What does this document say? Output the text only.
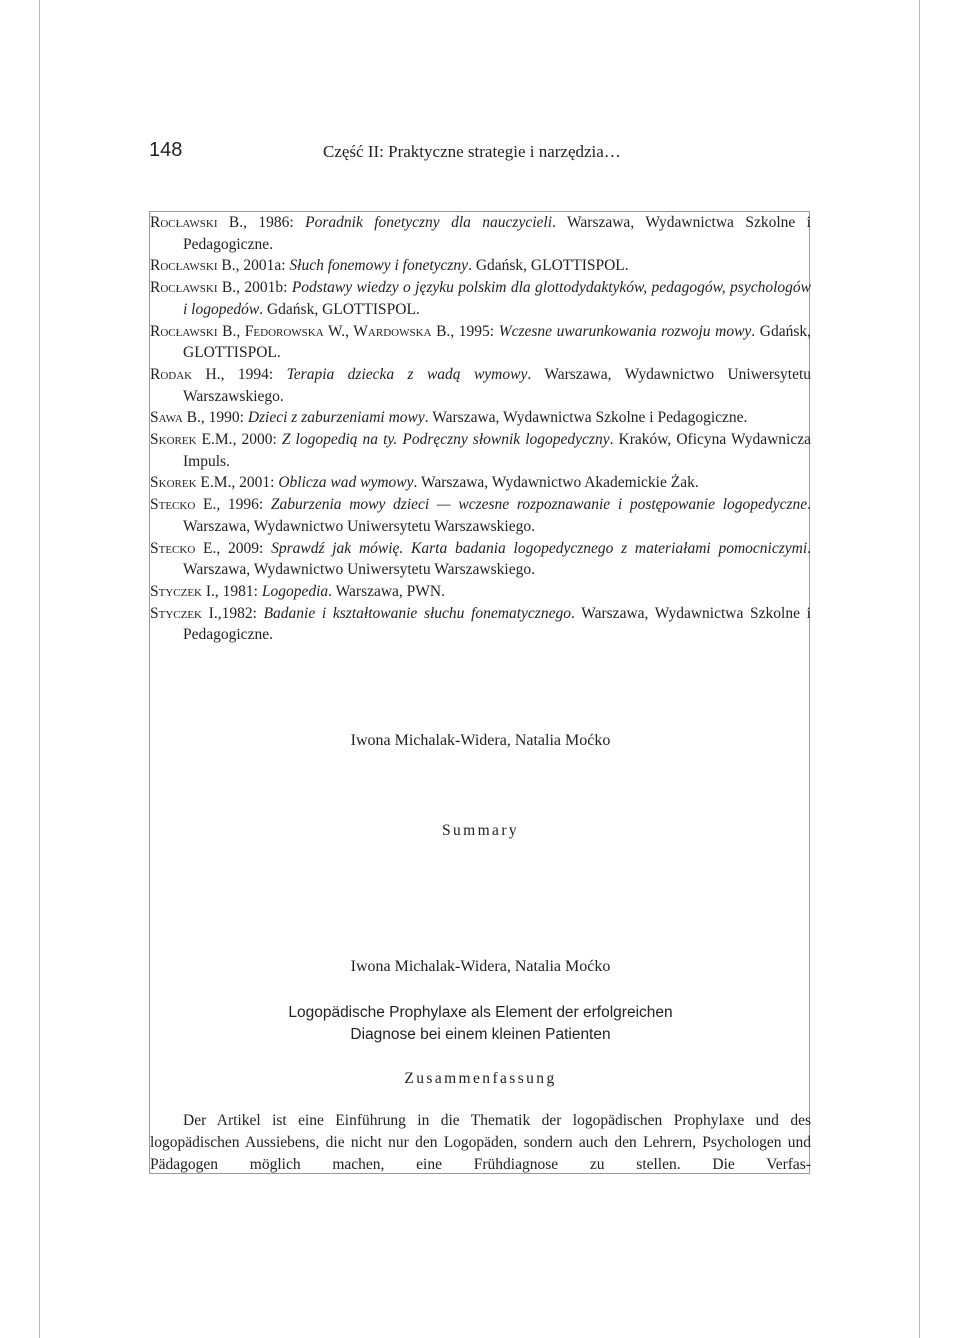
148	Część II: Praktyczne strategie i narzędzia…

Rocławski B., 1986: Poradnik fonetyczny dla nauczycieli. Warszawa, Wydawnictwa Szkolne i Pedagogiczne.

Rocławski B., 2001a: Słuch fonemowy i fonetyczny. Gdańsk, GLOTTISPOL.

Rocławski B., 2001b: Podstawy wiedzy o języku polskim dla glottodydaktyków, pedagogów, psychologów i logopedów. Gdańsk, GLOTTISPOL.

Rocławski B., Fedorowska W., Wardowska B., 1995: Wczesne uwarunkowania rozwoju mowy. Gdańsk, GLOTTISPOL.

Rodak H., 1994: Terapia dziecka z wadą wymowy. Warszawa, Wydawnictwo Uniwersytetu Warszawskiego.

Sawa B., 1990: Dzieci z zaburzeniami mowy. Warszawa, Wydawnictwa Szkolne i Pedagogiczne.

Skorek E.M., 2000: Z logopedią na ty. Podręczny słownik logopedyczny. Kraków, Oficyna Wydawnicza Impuls.

Skorek E.M., 2001: Oblicza wad wymowy. Warszawa, Wydawnictwo Akademickie Żak.

Stecko E., 1996: Zaburzenia mowy dzieci — wczesne rozpoznawanie i postępowanie logopedyczne. Warszawa, Wydawnictwo Uniwersytetu Warszawskiego.

Stecko E., 2009: Sprawdź jak mówię. Karta badania logopedycznego z materiałami pomocniczymi. Warszawa, Wydawnictwo Uniwersytetu Warszawskiego.

Styczek I., 1981: Logopedia. Warszawa, PWN.

Styczek I.,1982: Badanie i kształtowanie słuchu fonematycznego. Warszawa, Wydawnictwa Szkolne i Pedagogiczne.

Iwona Michalak-Widera, Natalia Moćko
Summary
Iwona Michalak-Widera, Natalia Moćko
Logopädische Prophylaxe als Element der erfolgreichen
Diagnose bei einem kleinen Patienten
Zusammenfassung

Der Artikel ist eine Einführung in die Thematik der logopädischen Prophylaxe und des logopädischen Aussiebens, die nicht nur den Logopäden, sondern auch den Lehrern, Psychologen und Pädagogen möglich machen, eine Frühdiagnose zu stellen. Die Verfas-
